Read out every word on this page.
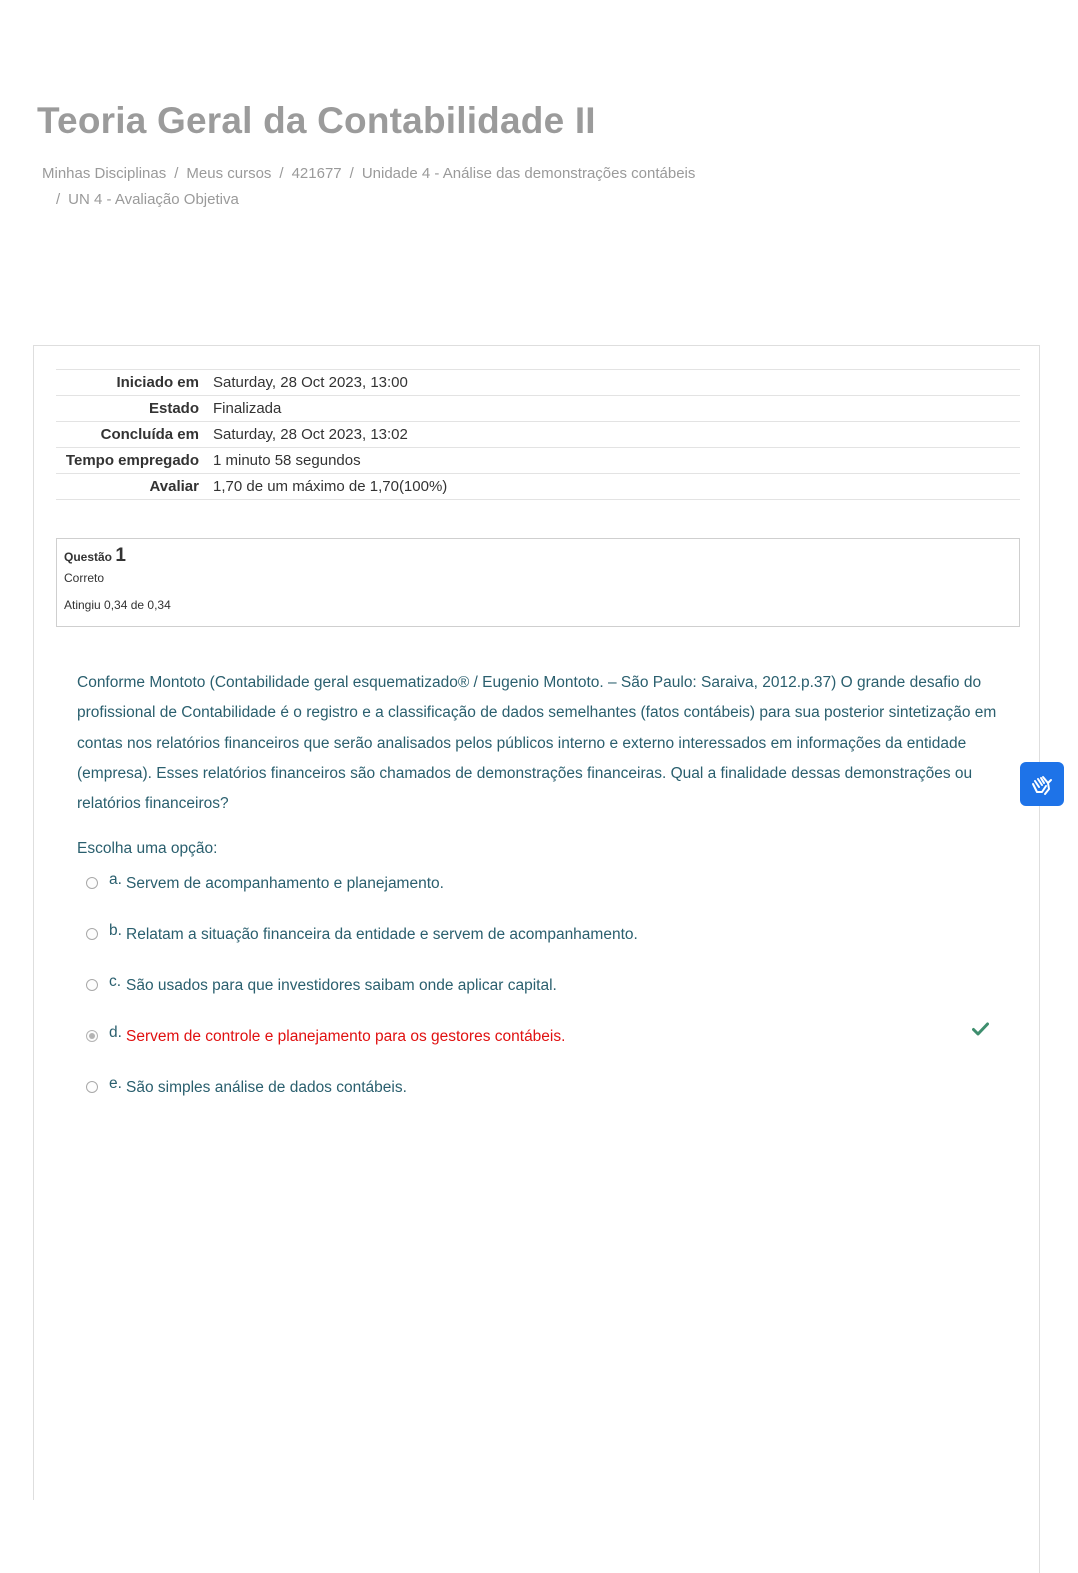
Teoria Geral da Contabilidade II
Minhas Disciplinas / Meus cursos / 421677 / Unidade 4 - Análise das demonstrações contábeis
/ UN 4 - Avaliação Objetiva
Iniciado em	Saturday, 28 Oct 2023, 13:00
Estado	Finalizada
Concluída em	Saturday, 28 Oct 2023, 13:02
Tempo empregado	1 minuto 58 segundos
Avaliar	1,70 de um máximo de 1,70(100%)
Questão 1
Correto
Atingiu 0,34 de 0,34
Conforme Montoto (Contabilidade geral esquematizado® / Eugenio Montoto. – São Paulo: Saraiva, 2012.p.37) O grande desafio do profissional de Contabilidade é o registro e a classificação de dados semelhantes (fatos contábeis) para sua posterior sintetização em contas nos relatórios financeiros que serão analisados pelos públicos interno e externo interessados em informações da entidade (empresa). Esses relatórios financeiros são chamados de demonstrações financeiras. Qual a finalidade dessas demonstrações ou relatórios financeiros?
Escolha uma opção:
a. Servem de acompanhamento e planejamento.
b. Relatam a situação financeira da entidade e servem de acompanhamento.
c. São usados para que investidores saibam onde aplicar capital.
d. Servem de controle e planejamento para os gestores contábeis.
e. São simples análise de dados contábeis.
